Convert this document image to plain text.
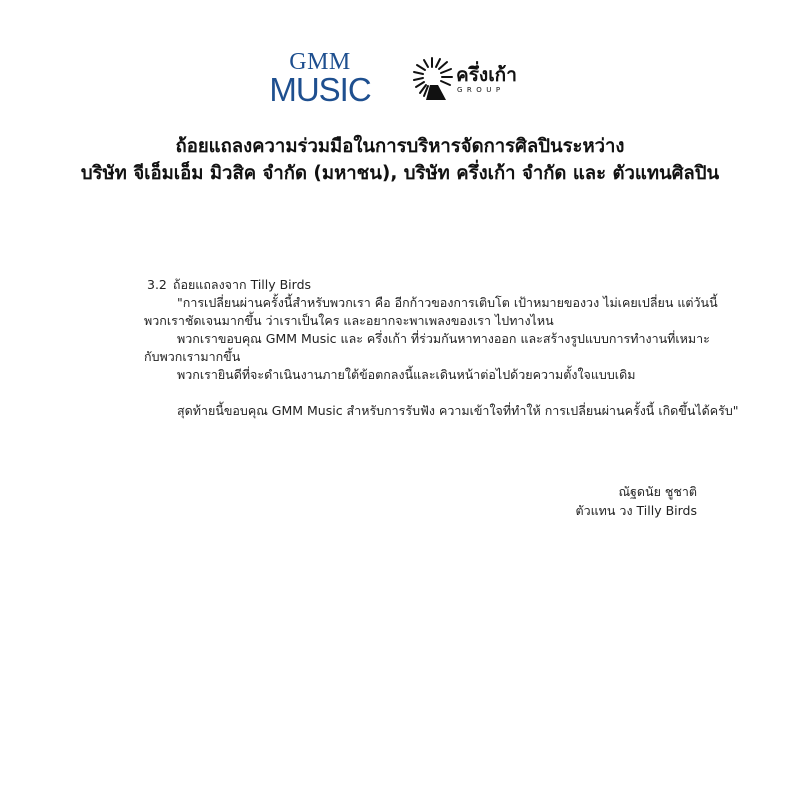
GMM
MUSIC	ครึ่งเก้า
GROUP
ถ้อยแถลงความร่วมมือในการบริหารจัดการศิลปินระหว่าง
บริษัท จีเอ็มเอ็ม มิวสิค จำกัด (มหาชน), บริษัท ครึ่งเก้า จำกัด และ ตัวแทนศิลปิน
3.2 ถ้อยแถลงจาก Tilly Birds
"การเปลี่ยนผ่านครั้งนี้สำหรับพวกเรา คือ อีกก้าวของการเติบโต เป้าหมายของวง ไม่เคยเปลี่ยน แต่วันนี้
พวกเราชัดเจนมากขึ้น ว่าเราเป็นใคร และอยากจะพาเพลงของเรา ไปทางไหน
พวกเราขอบคุณ GMM Music และ ครึ่งเก้า ที่ร่วมกันหาทางออก และสร้างรูปแบบการทำงานที่เหมาะ
กับพวกเรามากขึ้น
พวกเรายินดีที่จะดำเนินงานภายใต้ข้อตกลงนี้และเดินหน้าต่อไปด้วยความตั้งใจแบบเดิม
สุดท้ายนี้ขอบคุณ GMM Music สำหรับการรับฟัง ความเข้าใจที่ทำให้ การเปลี่ยนผ่านครั้งนี้ เกิดขึ้นได้ครับ"
ณัฐดนัย ชูชาติ
ตัวแทน วง Tilly Birds
